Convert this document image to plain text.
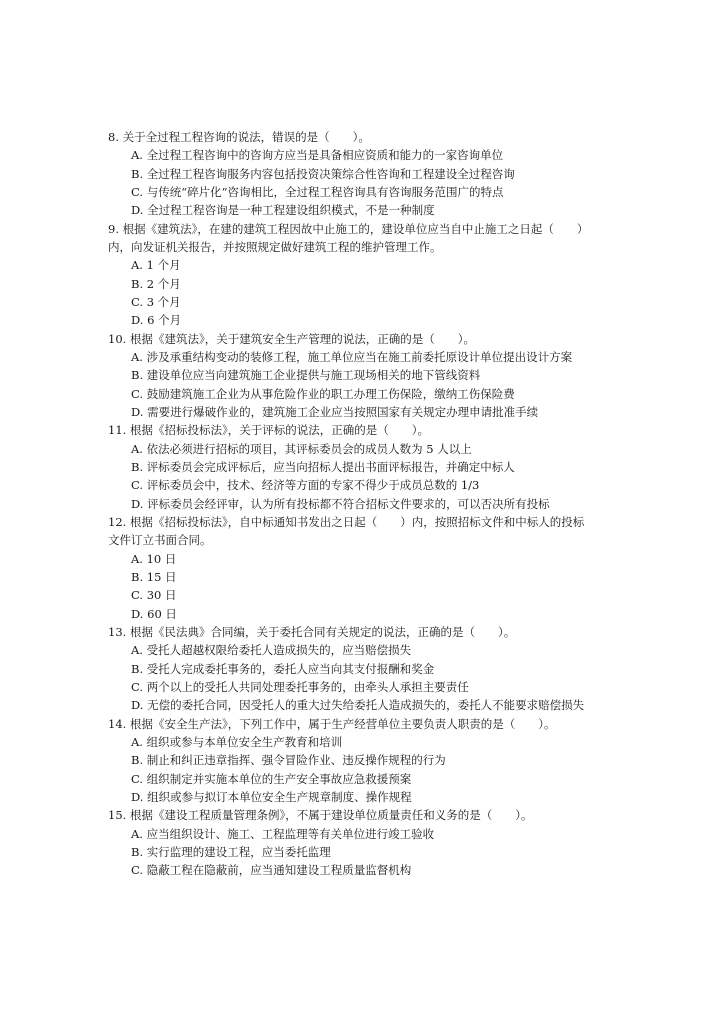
8. 关于全过程工程咨询的说法，错误的是（　　）。
A. 全过程工程咨询中的咨询方应当是具备相应资质和能力的一家咨询单位
B. 全过程工程咨询服务内容包括投资决策综合性咨询和工程建设全过程咨询
C. 与传统“碎片化”咨询相比，全过程工程咨询具有咨询服务范围广的特点
D. 全过程工程咨询是一种工程建设组织模式，不是一种制度
9. 根据《建筑法》，在建的建筑工程因故中止施工的，建设单位应当自中止施工之日起（　　）
内，向发证机关报告，并按照规定做好建筑工程的维护管理工作。
A. 1 个月
B. 2 个月
C. 3 个月
D. 6 个月
10. 根据《建筑法》，关于建筑安全生产管理的说法，正确的是（　　）。
A. 涉及承重结构变动的装修工程，施工单位应当在施工前委托原设计单位提出设计方案
B. 建设单位应当向建筑施工企业提供与施工现场相关的地下管线资料
C. 鼓励建筑施工企业为从事危险作业的职工办理工伤保险，缴纳工伤保险费
D. 需要进行爆破作业的，建筑施工企业应当按照国家有关规定办理申请批准手续
11. 根据《招标投标法》，关于评标的说法，正确的是（　　）。
A. 依法必须进行招标的项目，其评标委员会的成员人数为 5 人以上
B. 评标委员会完成评标后，应当向招标人提出书面评标报告，并确定中标人
C. 评标委员会中，技术、经济等方面的专家不得少于成员总数的 1/3
D. 评标委员会经评审，认为所有投标都不符合招标文件要求的，可以否决所有投标
12. 根据《招标投标法》，自中标通知书发出之日起（　　）内，按照招标文件和中标人的投标
文件订立书面合同。
A. 10 日
B. 15 日
C. 30 日
D. 60 日
13. 根据《民法典》合同编，关于委托合同有关规定的说法，正确的是（　　）。
A. 受托人超越权限给委托人造成损失的，应当赔偿损失
B. 受托人完成委托事务的，委托人应当向其支付报酬和奖金
C. 两个以上的受托人共同处理委托事务的，由牵头人承担主要责任
D. 无偿的委托合同，因受托人的重大过失给委托人造成损失的，委托人不能要求赔偿损失
14. 根据《安全生产法》，下列工作中，属于生产经营单位主要负责人职责的是（　　）。
A. 组织或参与本单位安全生产教育和培训
B. 制止和纠正违章指挥、强令冒险作业、违反操作规程的行为
C. 组织制定并实施本单位的生产安全事故应急救援预案
D. 组织或参与拟订本单位安全生产规章制度、操作规程
15. 根据《建设工程质量管理条例》，不属于建设单位质量责任和义务的是（　　）。
A. 应当组织设计、施工、工程监理等有关单位进行竣工验收
B. 实行监理的建设工程，应当委托监理
C. 隐蔽工程在隐蔽前，应当通知建设工程质量监督机构
